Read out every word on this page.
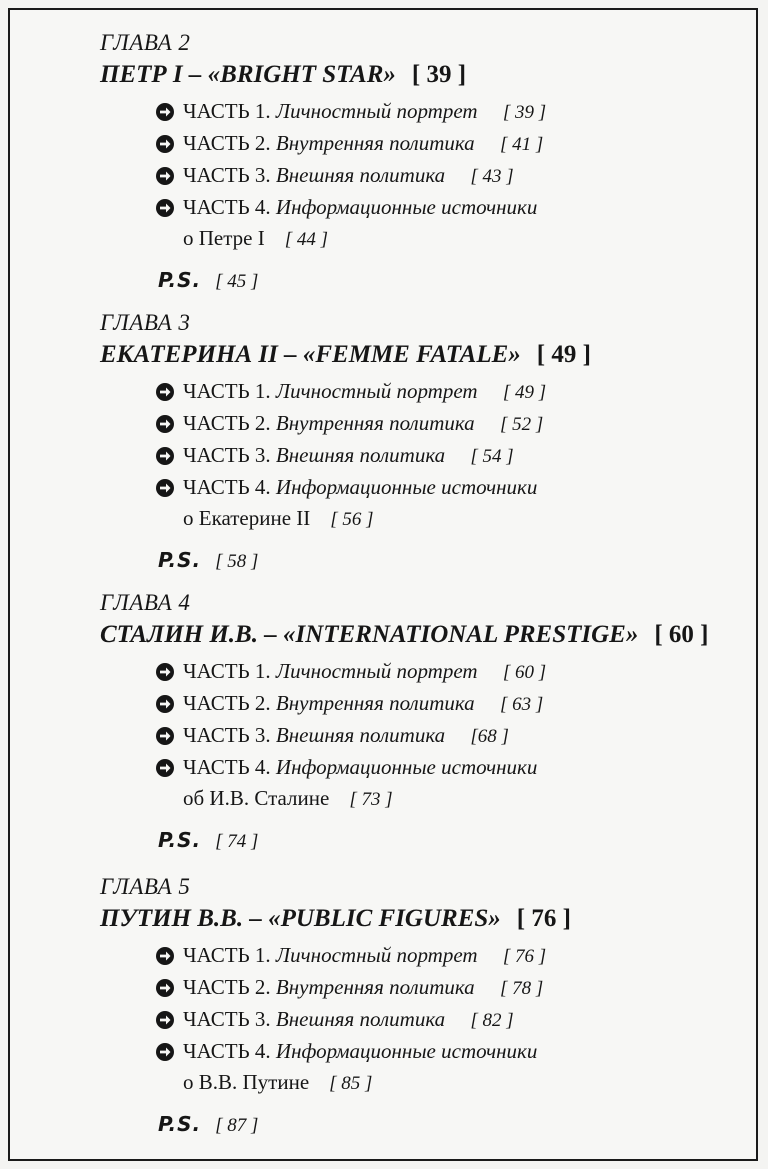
ГЛАВА 2
ПЕТР I – «BRIGHT STAR» [ 39 ]
ЧАСТЬ 1. Личностный портрет [ 39 ]
ЧАСТЬ 2. Внутренняя политика [ 41 ]
ЧАСТЬ 3. Внешняя политика [ 43 ]
ЧАСТЬ 4. Информационные источники
о Петре I [ 44 ]
P.S. [ 45 ]
ГЛАВА 3
ЕКАТЕРИНА II – «FEMME FATALE» [ 49 ]
ЧАСТЬ 1. Личностный портрет [ 49 ]
ЧАСТЬ 2. Внутренняя политика [ 52 ]
ЧАСТЬ 3. Внешняя политика [ 54 ]
ЧАСТЬ 4. Информационные источники
о Екатерине II [ 56 ]
P.S. [ 58 ]
ГЛАВА 4
СТАЛИН И.В. – «INTERNATIONAL PRESTIGE» [ 60 ]
ЧАСТЬ 1. Личностный портрет [ 60 ]
ЧАСТЬ 2. Внутренняя политика [ 63 ]
ЧАСТЬ 3. Внешняя политика [68 ]
ЧАСТЬ 4. Информационные источники
об И.В. Сталине [ 73 ]
P.S. [ 74 ]
ГЛАВА 5
ПУТИН В.В. – «PUBLIC FIGURES» [ 76 ]
ЧАСТЬ 1. Личностный портрет [ 76 ]
ЧАСТЬ 2. Внутренняя политика [ 78 ]
ЧАСТЬ 3. Внешняя политика [ 82 ]
ЧАСТЬ 4. Информационные источники
о В.В. Путине [ 85 ]
P.S. [ 87 ]
